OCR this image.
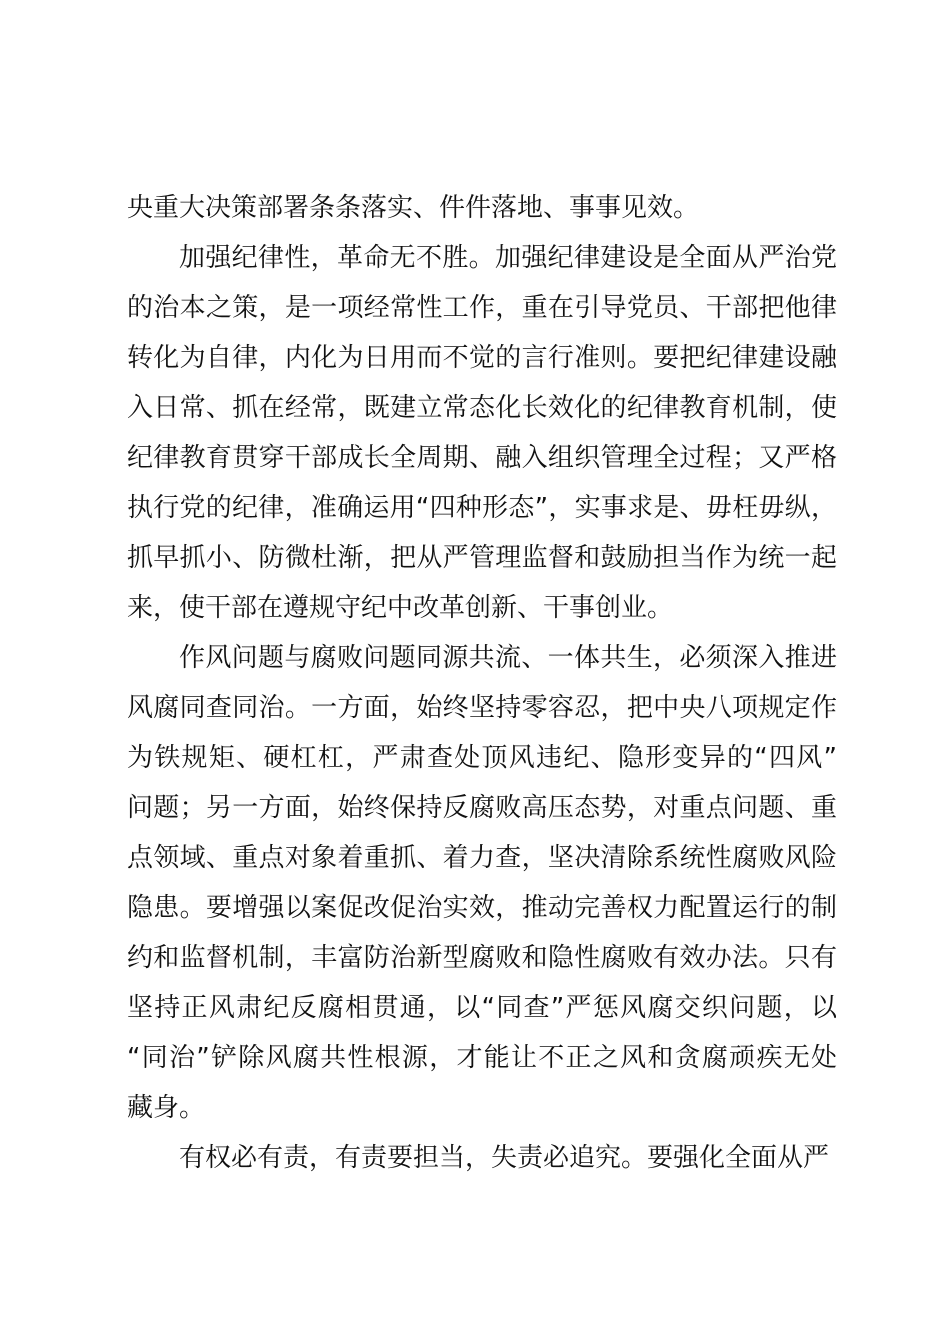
央重大决策部署条条落实、件件落地、事事见效。

加强纪律性，革命无不胜。加强纪律建设是全面从严治党
的治本之策，是一项经常性工作，重在引导党员、干部把他律
转化为自律，内化为日用而不觉的言行准则。要把纪律建设融
入日常、抓在经常，既建立常态化长效化的纪律教育机制，使
纪律教育贯穿干部成长全周期、融入组织管理全过程；又严格
执行党的纪律，准确运用“四种形态”，实事求是、毋枉毋纵，
抓早抓小、防微杜渐，把从严管理监督和鼓励担当作为统一起
来，使干部在遵规守纪中改革创新、干事创业。

作风问题与腐败问题同源共流、一体共生，必须深入推进
风腐同查同治。一方面，始终坚持零容忍，把中央八项规定作
为铁规矩、硬杠杠，严肃查处顶风违纪、隐形变异的“四风”
问题；另一方面，始终保持反腐败高压态势，对重点问题、重
点领域、重点对象着重抓、着力查，坚决清除系统性腐败风险
隐患。要增强以案促改促治实效，推动完善权力配置运行的制
约和监督机制，丰富防治新型腐败和隐性腐败有效办法。只有
坚持正风肃纪反腐相贯通，以“同查”严惩风腐交织问题，以
“同治”铲除风腐共性根源，才能让不正之风和贪腐顽疾无处
藏身。

有权必有责，有责要担当，失责必追究。要强化全面从严
